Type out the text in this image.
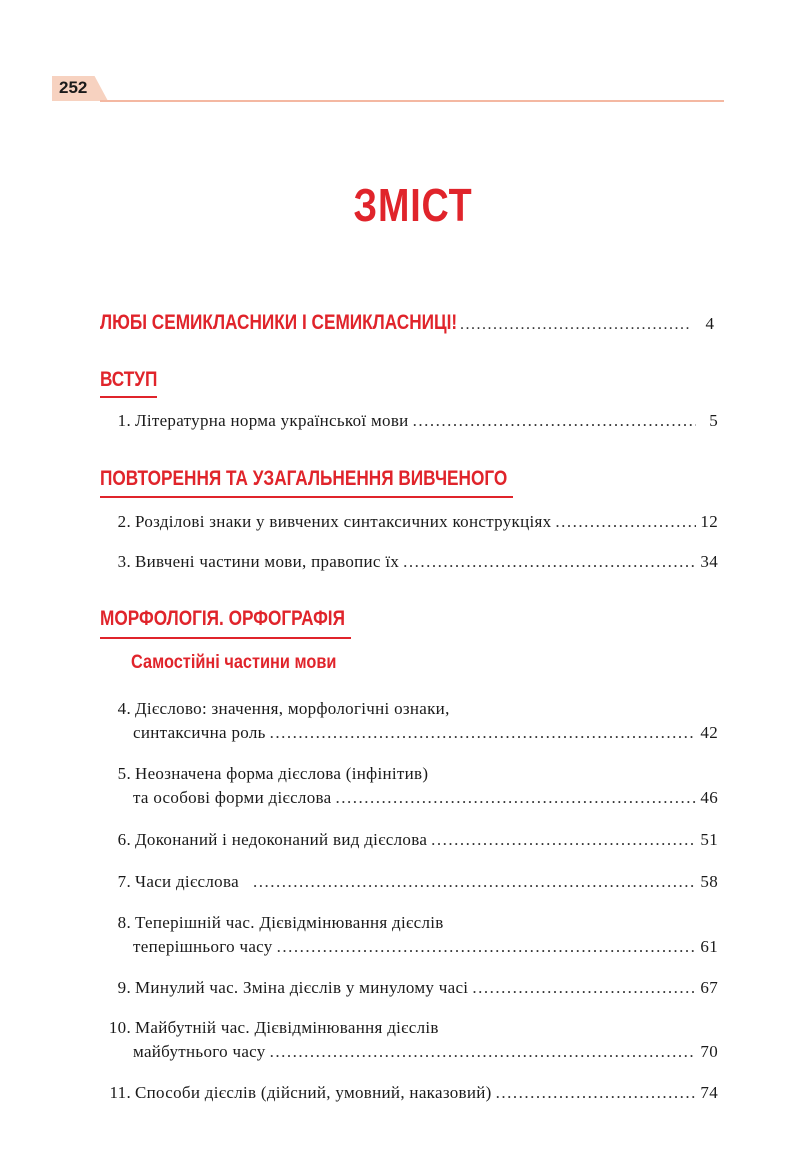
252
ЗМІСТ
ЛЮБІ СЕМИКЛАСНИКИ І СЕМИКЛАСНИЦІ! .....	4
ВСТУП
1. Літературна норма української мови .....	5
ПОВТОРЕННЯ ТА УЗАГАЛЬНЕННЯ ВИВЧЕНОГО
2. Розділові знаки у вивчених синтаксичних конструкціях .....	12
3. Вивчені частини мови, правопис їх .....	34
МОРФОЛОГІЯ. ОРФОГРАФІЯ
Самостійні частини мови
4. Дієслово: значення, морфологічні ознаки,
синтаксична роль .....	42
5. Неозначена форма дієслова (інфінітив)
та особові форми дієслова .....	46
6. Доконаний і недоконаний вид дієслова .....	51
7. Часи дієслова .....	58
8. Теперішній час. Дієвідмінювання дієслів
теперішнього часу .....	61
9. Минулий час. Зміна дієслів у минулому часі .....	67
10. Майбутній час. Дієвідмінювання дієслів
майбутнього часу .....	70
11. Способи дієслів (дійсний, умовний, наказовий) .....	74
